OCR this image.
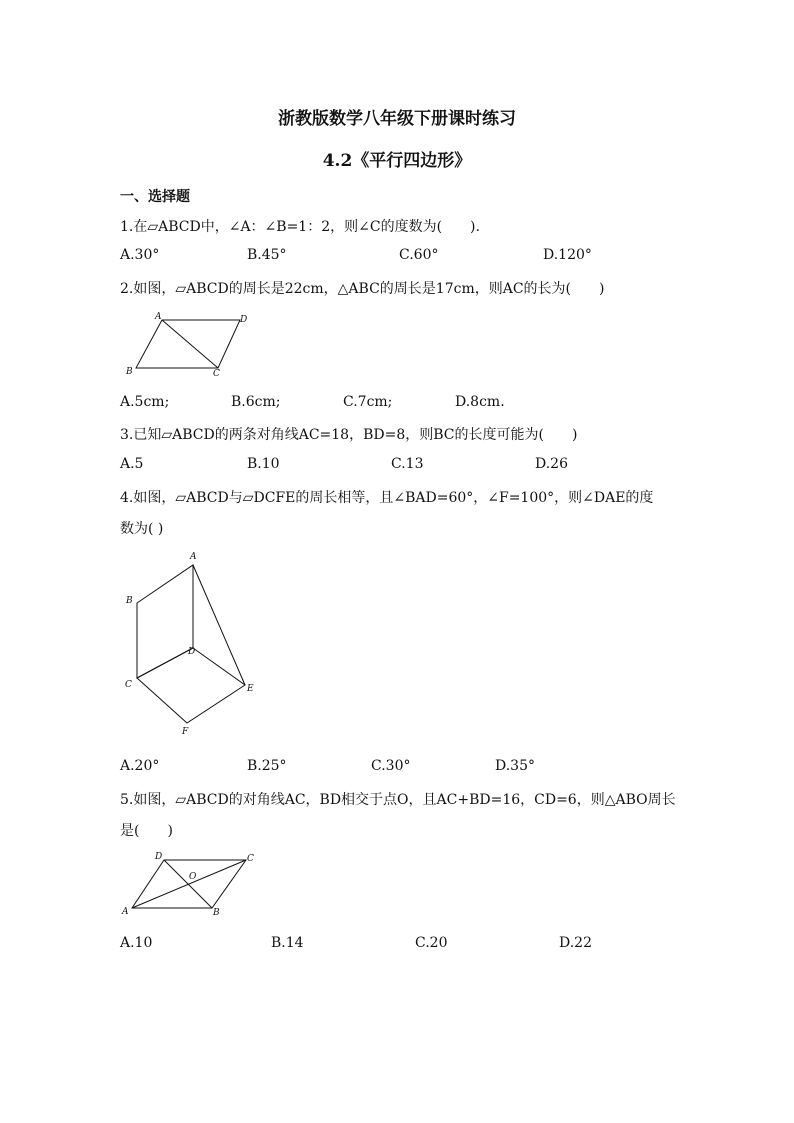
浙教版数学八年级下册课时练习
4.2《平行四边形》
一、选择题
1.在▱ABCD中，∠A：∠B=1：2，则∠C的度数为(　　).
A.30°	B.45°	C.60°	D.120°
2.如图，▱ABCD的周长是22cm，△ABC的周长是17cm，则AC的长为(　　)
A	D
B	C
A.5cm;	B.6cm;	C.7cm;	D.8cm.
3.已知▱ABCD的两条对角线AC=18，BD=8，则BC的长度可能为(　　)
A.5	B.10	C.13	D.26
4.如图，▱ABCD与▱DCFE的周长相等，且∠BAD=60°，∠F=100°，则∠DAE的度
数为( )
A
B
D
C	E
F
A.20°	B.25°	C.30°	D.35°
5.如图，▱ABCD的对角线AC，BD相交于点O，且AC+BD=16，CD=6，则△ABO周长
是(　　)
D	C
O
A	B
A.10	B.14	C.20	D.22
